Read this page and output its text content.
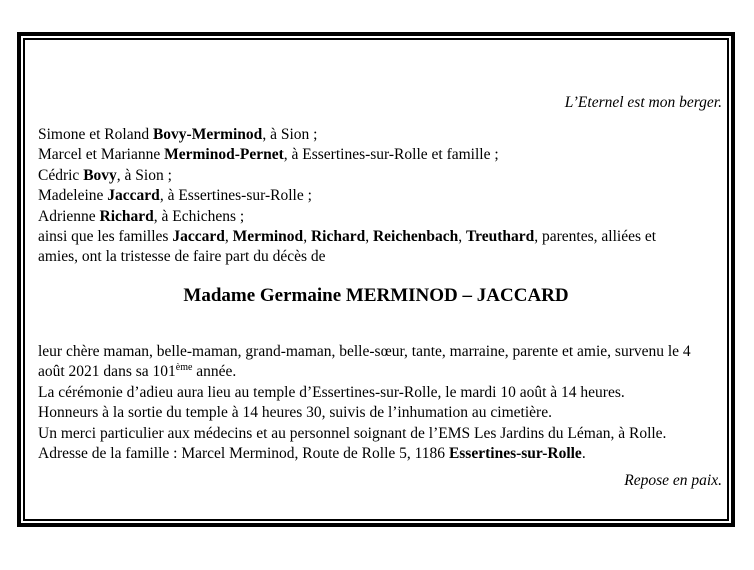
L’Eternel est mon berger.
Simone et Roland Bovy-Merminod, à Sion ;
Marcel et Marianne Merminod-Pernet, à Essertines-sur-Rolle et famille ;
Cédric Bovy, à Sion ;
Madeleine Jaccard, à Essertines-sur-Rolle ;
Adrienne Richard, à Echichens ;
ainsi que les familles Jaccard, Merminod, Richard, Reichenbach, Treuthard, parentes, alliées et
amies, ont la tristesse de faire part du décès de
Madame Germaine MERMINOD – JACCARD
leur chère maman, belle-maman, grand-maman, belle-sœur, tante, marraine, parente et amie, survenu le 4
août 2021 dans sa 101ème année.
La cérémonie d’adieu aura lieu au temple d’Essertines-sur-Rolle, le mardi 10 août à 14 heures.
Honneurs à la sortie du temple à 14 heures 30, suivis de l’inhumation au cimetière.
Un merci particulier aux médecins et au personnel soignant de l’EMS Les Jardins du Léman, à Rolle.
Adresse de la famille : Marcel Merminod, Route de Rolle 5, 1186 Essertines-sur-Rolle.
Repose en paix.
